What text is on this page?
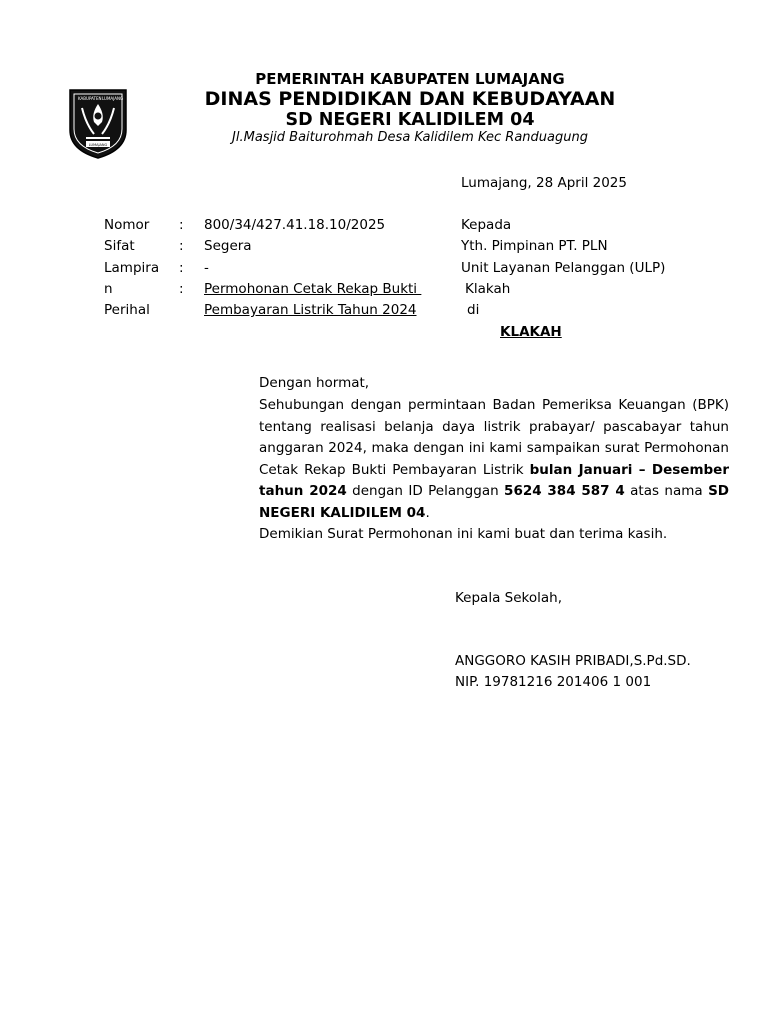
KABUPATEN LUMAJANG
LUMAJANG
PEMERINTAH KABUPATEN LUMAJANG
DINAS PENDIDIKAN DAN KEBUDAYAAN
SD NEGERI KALIDILEM 04
Jl.Masjid Baiturohmah Desa Kalidilem Kec Randuagung
Lumajang, 28 April 2025
Nomor
Sifat
Lampira
n
Perihal
:
:
:
:
800/34/427.41.18.10/2025
Segera
-
Permohonan Cetak Rekap Bukti
Pembayaran Listrik Tahun 2024
Kepada
Yth. Pimpinan PT. PLN
Unit Layanan Pelanggan (ULP)
Klakah
di
KLAKAH
Dengan hormat,

Sehubungan dengan permintaan Badan Pemeriksa Keuangan (BPK) tentang realisasi belanja daya listrik prabayar/ pascabayar tahun anggaran 2024, maka dengan ini kami sampaikan surat Permohonan Cetak Rekap Bukti Pembayaran Listrik bulan Januari – Desember tahun 2024 dengan ID Pelanggan 5624 384 587 4 atas nama SD NEGERI KALIDILEM 04.

Demikian Surat Permohonan ini kami buat dan terima kasih.

Kepala Sekolah,
ANGGORO KASIH PRIBADI,S.Pd.SD.
NIP. 19781216 201406 1 001
